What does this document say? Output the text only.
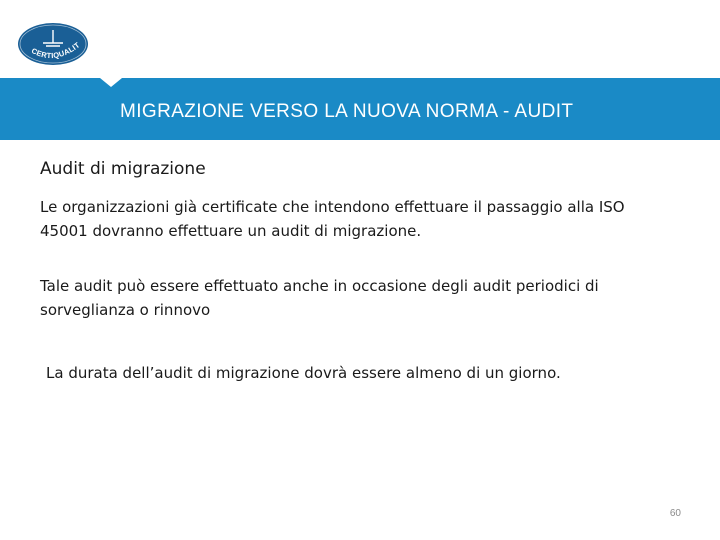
CERTIQUALIT
MIGRAZIONE VERSO LA NUOVA NORMA - AUDIT
Audit di migrazione
Le organizzazioni già certificate che intendono effettuare il passaggio alla ISO 45001 dovranno effettuare un audit di migrazione.
Tale audit può essere effettuato anche in occasione degli audit periodici di sorveglianza o rinnovo
La durata dell’audit di migrazione dovrà essere almeno di un giorno.
60
